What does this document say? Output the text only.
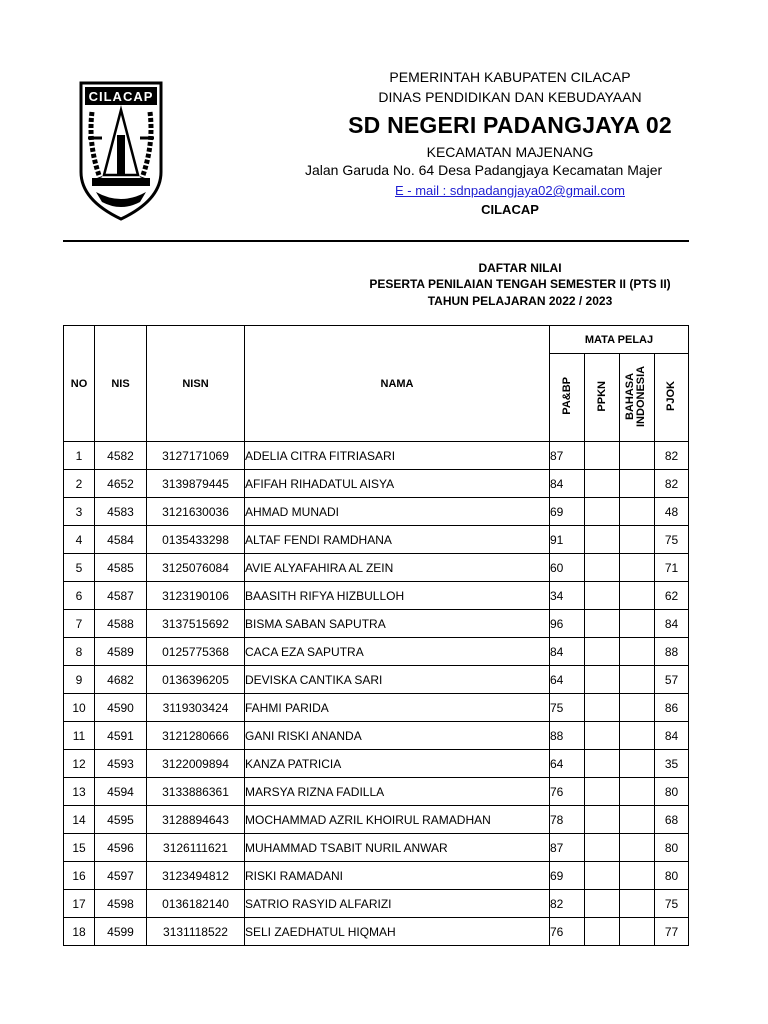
CILACAP
PEMERINTAH KABUPATEN CILACAP
DINAS PENDIDIKAN DAN KEBUDAYAAN
SD NEGERI PADANGJAYA 02
KECAMATAN MAJENANG
Jalan Garuda No. 64 Desa Padangjaya Kecamatan Majer
E - mail : sdnpadangjaya02@gmail.com
CILACAP
DAFTAR NILAI
PESERTA PENILAIAN TENGAH SEMESTER II (PTS II)
TAHUN PELAJARAN 2022 / 2023
NO	NIS	NISN	NAMA	MATA PELAJ			
				PA&BP	PPKN	BAHASA INDONESIA	PJOK
1	4582	3127171069	ADELIA CITRA FITRIASARI	87			82
2	4652	3139879445	AFIFAH RIHADATUL AISYA	84			82
3	4583	3121630036	AHMAD MUNADI	69			48
4	4584	0135433298	ALTAF FENDI RAMDHANA	91			75
5	4585	3125076084	AVIE ALYAFAHIRA AL ZEIN	60			71
6	4587	3123190106	BAASITH RIFYA HIZBULLOH	34			62
7	4588	3137515692	BISMA SABAN SAPUTRA	96			84
8	4589	0125775368	CACA EZA SAPUTRA	84			88
9	4682	0136396205	DEVISKA CANTIKA SARI	64			57
10	4590	3119303424	FAHMI PARIDA	75			86
11	4591	3121280666	GANI RISKI ANANDA	88			84
12	4593	3122009894	KANZA PATRICIA	64			35
13	4594	3133886361	MARSYA RIZNA FADILLA	76			80
14	4595	3128894643	MOCHAMMAD AZRIL KHOIRUL RAMADHAN	78			68
15	4596	3126111621	MUHAMMAD TSABIT NURIL ANWAR	87			80
16	4597	3123494812	RISKI RAMADANI	69			80
17	4598	0136182140	SATRIO RASYID ALFARIZI	82			75
18	4599	3131118522	SELI ZAEDHATUL HIQMAH	76			77
